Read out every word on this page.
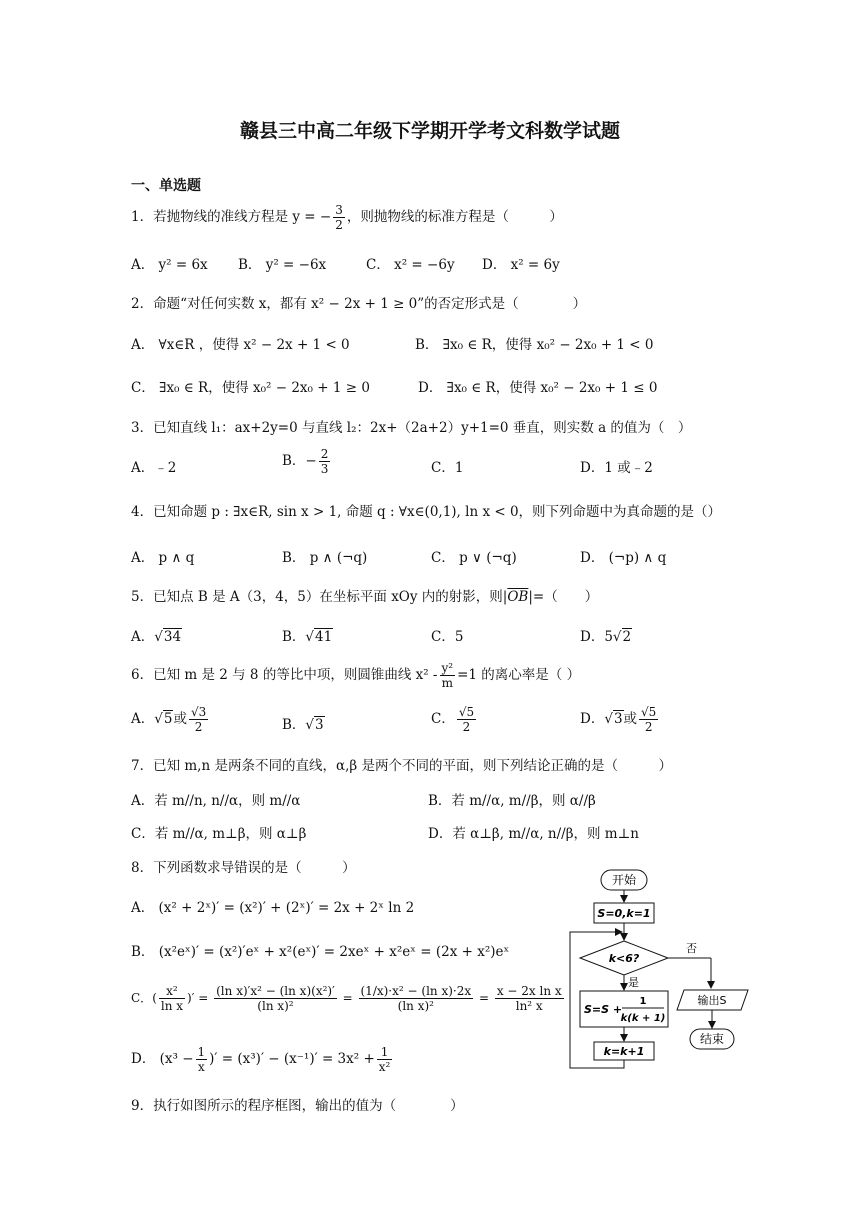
赣县三中高二年级下学期开学考文科数学试题
一、单选题
1．若抛物线的准线方程是 y = − $\frac{3}{2}$ ，则抛物线的标准方程是（　　　）
A． y² = 6x B． y² = −6x	C． x² = −6y D． x² = 6y
2．命题“对任何实数 x，都有 x² − 2x + 1 ≥ 0”的否定形式是（　　　　）
A． ∀x∈R ，使得 x² − 2x + 1 < 0	B． ∃x₀ ∈ R，使得 x₀² − 2x₀ + 1 < 0
C． ∃x₀ ∈ R，使得 x₀² − 2x₀ + 1 ≥ 0	D． ∃x₀ ∈ R，使得 x₀² − 2x₀ + 1 ≤ 0
3．已知直线 l₁：ax+2y=0 与直线 l₂：2x+（2a+2）y+1=0 垂直，则实数 a 的值为（　）
A．﹣2	B．− $\frac{2}{3}$	C．1	D．1 或﹣2
4．已知命题 p : ∃x∈R, sin x > 1, 命题 q : ∀x∈(0,1), ln x < 0，则下列命题中为真命题的是（）
A． p ∧ q	B． p ∧ (¬q)	C． p ∨ (¬q)	D． (¬p) ∧ q
5．已知点 B 是 A（3，4，5）在坐标平面 xOy 内的射影，则$|\overline{OB}|=$（　　）
A．√34	B．√41	C．5	D．5√2
6．已知 m 是 2 与 8 的等比中项，则圆锥曲线 $x^2 - \frac{\text{y²}}{m} =1$ 的离心率是（ ）
A．√5或 $\frac{√3}{2}$	B．√3	C． $\frac{√5}{2}$	D．√3或 $\frac{√5}{2}$
7．已知 m,n 是两条不同的直线，α,β 是两个不同的平面，则下列结论正确的是（　　　）
A．若 m//n, n//α，则 m//α	B．若 m//α, m//β，则 α//β
C．若 m//α, m⊥β，则 α⊥β	D．若 α⊥β, m//α, n//β，则 m⊥n
8．下列函数求导错误的是（　　　）
A． (x² + 2ˣ)′ = (x²)′ + (2ˣ)′ = 2x + 2ˣ ln 2
B． (x²eˣ)′ = (x²)′eˣ + x²(eˣ)′ = 2xeˣ + x²eˣ = (2x + x²)eˣ
C．( $\frac{\text{x²}}{\text{ln x}}$ )′ = $\frac{\text{(ln x)′x² − (ln x)(x²)′}}{\text{(ln x)²}} = \frac{\text{(1/x)·x² − (ln x)·2x}}{\text{(ln x)²}} = \frac{\text{x − 2x ln x}}{\text{ln² x}}$
D． ($x^3 - \frac{1}{x}$ )′ = $(x^3)' - (x^{-1})' = 3x^2 + \frac{1}{\text{x²}}$
9．执行如图所示的程序框图，输出的值为（　　　　）
开始
S=0,k=1
k<6?
否
输出S
结束
是
S=S +
1
k(k + 1)
k=k+1
